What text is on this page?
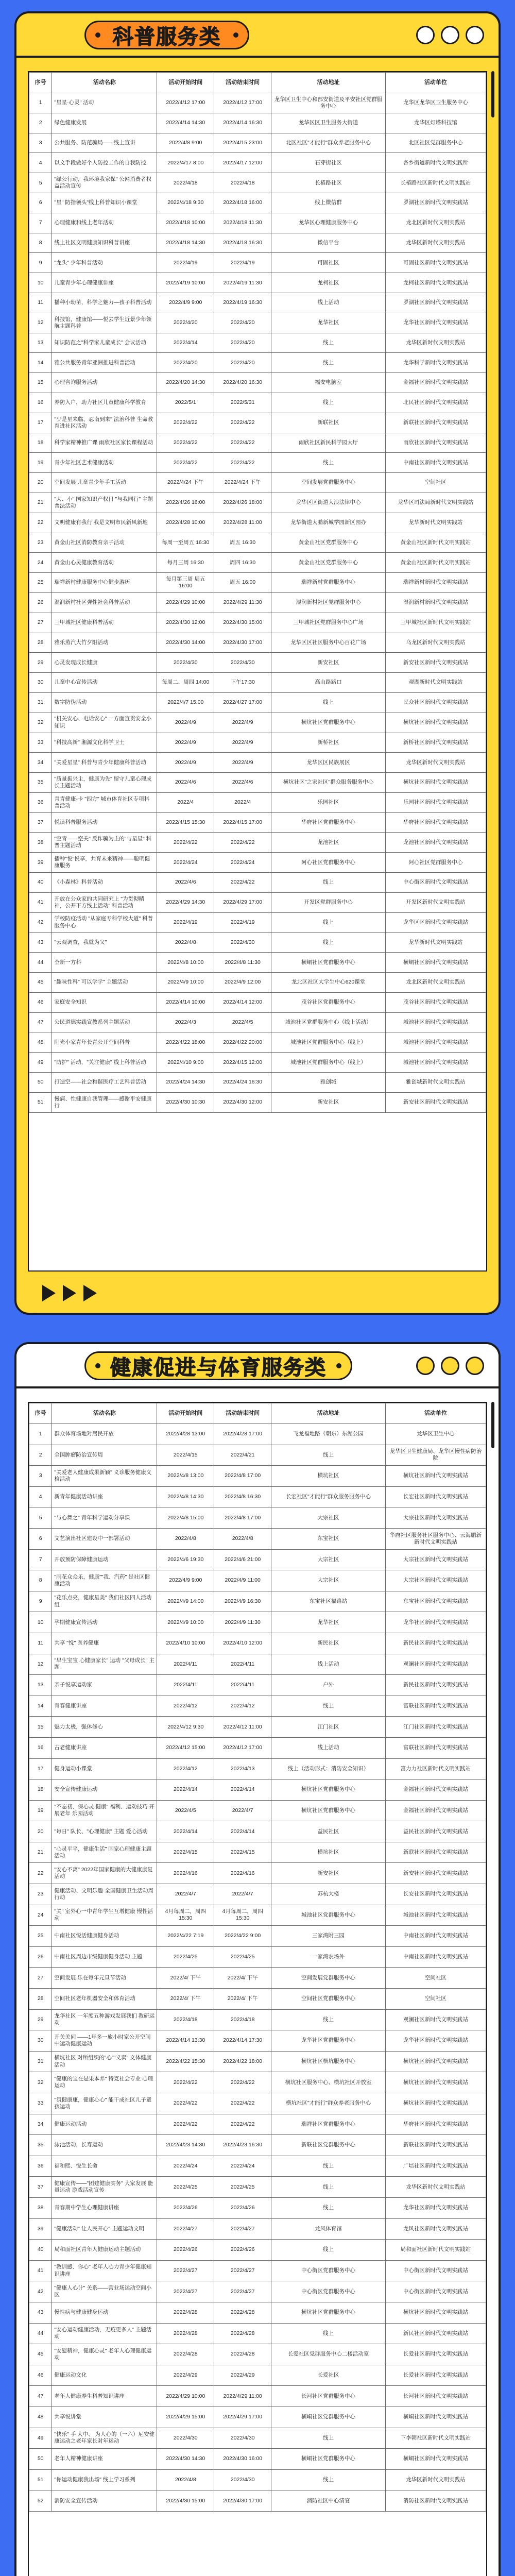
科普服务类
序号	活动名称	活动开始时间	活动结束时间	活动地址	活动单位
1	"星星·心灵" 活动	2022/4/12 17:00	2022/4/12 17:00	龙华区卫生中心和部安街道及平安社区党群服务中心	龙华区龙华区卫生服务中心
2	绿色健康发展	2022/4/14 14:30	2022/4/14 16:30	龙华区区卫生服务大街道	龙华区灯塔科技馆
3	公共服务、防范骗局——线上宣讲	2022/4/8 9:00	2022/4/15 23:00	北区社区"才能行"群众养老服务中心	北区社区党群服务中心
4	以文手段做好个人防控工作的自我防控	2022/4/17 8:00	2022/4/17 12:00	石芽街社区	各乡街道新时代文明实践所
5	"绿公行动，我环境我家保" 公网消费者权益活动宣传	2022/4/18	2022/4/18	长椿路社区	长椿路社区新时代文明实践站
6	"星" 防指领头"线上科普知识小课堂	2022/4/18 9:30	2022/4/18 16:00	线上微信群	罗湖社区新时代文明实践站
7	心理健康和线上老年活动	2022/4/18 10:00	2022/4/18 11:30	龙华区心理健康服务中心	龙北区新时代文明实践站
8	线上社区文明健康知识科普讲座	2022/4/18 14:30	2022/4/18 16:30	微信平台	龙华区新时代文明实践站
9	"龙头" 少年科普活动	2022/4/19	2022/4/19	可固社区	可固社区新时代文明实践站
10	儿童青少年心理健康讲座	2022/4/19 10:00	2022/4/19 11:30	龙柯社区	龙柯社区新时代文明实践站
11	播种小幼苗，科学之魅力—孩子科普活动	2022/4/9 9:00	2022/4/19 16:30	线上活动	罗湖社区新时代文明实践站
12	科技馆，健康馆——悦去学生近景少年领航主题科普	2022/4/20	2022/4/20	龙华社区	龙华社区新时代文明实践站
13	知识防范之"科学家儿童成长" 会议活动	2022/4/14	2022/4/20	线上	龙华区新时代文明实践站
14	雅公共服务青年亚洲推进科普活动	2022/4/20	2022/4/20	线上	龙华科学新时代文明实践站
15	心理咨询服务活动	2022/4/20 14:30	2022/4/20 16:30	福安电脑室	金福社区新时代文明实践站
16	养防入户，助力社区儿童健康科学教育	2022/5/1	2022/5/31	线上	北民社区新时代文明实践站
17	"少是星来临，忍南到来" 法治科普 生命教育进社区活动	2022/4/22	2022/4/22	新联社区	新联社区新时代文明实践站
18	科学家精神推广课 雨欣社区家长课程活动	2022/4/22	2022/4/22	雨欣社区新民科学园大厅	雨欣社区新时代文明实践站
19	青少年社区艺术健康活动	2022/4/22	2022/4/22	线上	中南社区新时代文明实践站
20	空间发展 儿童青少年手工活动	2022/4/24 下午	2022/4/24 下午	空间发展党群服务中心	空间社区
21	"大、小" 国家知识产权日 "与我同行" 主题普法活动	2022/4/26 16:00	2022/4/26 18:00	龙华区区街道大浪法律中心	龙华区司法局新时代文明实践站
22	文明健康有我行 我是文明市民新风新地	2022/4/28 10:00	2022/4/28 11:00	龙华街道大鹏新城学园新区园办	龙华新时代文明实践站
23	黄金山社区消防教育亲子活动	每周一至周五 16:30	周五 16:30	黄金山社区党群服务中心	黄金山社区新时代文明实践站
24	黄金山心灵健康教育活动	每月三周 16:30	周四 16:30	黄金山社区党群服务中心	黄金山社区新时代文明实践站
25	瑞祥新村健康服务中心健步游历	每月第三周 周五 16:00	周五 16:00	瑞祥新村党群服务中心	瑞祥新村新时代文明实践站
26	湿润新村社区弹性社会科普活动	2022/4/29 10:00	2022/4/29 11:30	湿润新村社区党群服务中心	湿润新村新时代文明实践站
27	三甲城社区健康科普活动	2022/4/30 12:00	2022/4/30 15:00	三甲城社区党群服务中心广场	三甲城社区新时代文明实践站
28	雅乐蒸汽大竹夕阳活动	2022/4/30 14:00	2022/4/30 17:00	龙华区区社区服务中心百花广场	乌龙区新时代文明实践站
29	心灵发现成长健康	2022/4/30	2022/4/30	新安社区	新安社区新时代文明实践站
30	儿童中心宣传活动	每周二、周四 14:00	下午17:30	高山路路口	观湖新时代文明实践站
31	数字防伪活动	2022/4/7 15:00	2022/4/27 17:00	线上	民众社区新时代文明实践站
32	"机关安心、电话安心" 一方面宣贯安全小知识	2022/4/9	2022/4/9	横坑社区党群服务中心	横坑社区新时代文明实践站
33	"科技高新" 湘源文化科学卫士	2022/4/9	2022/4/9	新桥社区	新桥社区新时代文明实践站
34	"关爱星星" 科普与青少年健康科普活动	2022/4/9	2022/4/9	龙华区区民族展区	龙华区新时代文明实践站
35	"质量振兴主，健康为先" 留守儿童心理成长主题活动	2022/4/6	2022/4/6	横坑社区"之家社区"群众服务服务中心	横坑社区新时代文明实践站
36	青青健康-卡 "四方" 城市体育社区专项科普活动	2022/4	2022/4	乐园社区	乐园社区新时代文明实践站
37	悦读科普服务活动	2022/4/15 15:30	2022/4/15 17:00	华府社区党群服务中心	华府社区新时代文明实践站
38	"空青——空关" 反诈骗为主的"与星星" 科普主题活动	2022/4/22	2022/4/22	龙池社区	龙池社区新时代文明实践站
39	播种"悦"悦享，共育未来精神——聪明健康服务	2022/4/24	2022/4/24	阿心社区党群服务中心	阿心社区党群服务中心
40	《小森林》科普活动	2022/4/6	2022/4/22	线上	中心街区新时代文明实践站
41	开放在公众家的共同研究上 "为贯彻精神，公开下方线上活动" 科普活动	2022/4/29 14:30	2022/4/29 17:00	开发区党群服务中心	开发区新时代文明实践站
42	学校防疫活动 "从家庭专科学校大道" 科普服务中心	2022/4/19	2022/4/19	线上	龙华区区新时代文明实践站
43	"云观调查，我就为父"	2022/4/8	2022/4/30	线上	龙华新时代文明实践站
44	全新一方科	2022/4/8 10:00	2022/4/8 11:30	横峒社区党群服务中心	横峒社区新时代文明实践站
45	"趣味性科" 可以学学" 主题活动	2022/4/9 10:00	2022/4/9 12:00	龙北区社区大学生中心620课堂	龙北区新时代文明实践站
46	家庭安全知识	2022/4/14 10:00	2022/4/14 12:00	茂谷社区党群服务中心	茂谷社区新时代文明实践站
47	公民道德实践宣教系列主题活动	2022/4/3	2022/4/5	城池社区党群服务中心（线上活动）	城池社区新时代文明实践站
48	阳光小家青年长青公开空间科普	2022/4/22 18:00	2022/4/22 20:00	城池社区党群服务中心（线上）	城池社区新时代文明实践站
49	"防护" 活动，"关注健康" 线上科普活动	2022/4/10 9:00	2022/4/15 12:00	城池社区党群服务中心（线上）	城池社区新时代文明实践站
50	打造空——社会和谐医疗工艺科普活动	2022/4/24 14:30	2022/4/24 16:30	雅创城	雅创城新时代文明实践站
51	慢病、性健康自我管理——感谢平安健康行	2022/4/30 10:30	2022/4/30 12:00	新安社区	新安社区新时代文明实践站
健康促进与体育服务类
序号	活动名称	活动开始时间	活动结束时间	活动地址	活动单位
1	群众体育场地对居民开放	2022/4/28 13:00	2022/4/28 17:00	飞龙福地路（朝东）东湖公园	龙华区卫生中心
2	全国肿瘤防治宣传周	2022/4/15	2022/4/21	线上	龙华区卫生健康局、龙华区慢性病防治院
3	"关爱老人健康成果新颖" 义诊服务健康义检活动	2022/4/8 13:00	2022/4/8 17:00	横坑社区	横坑社区新时代文明实践站
4	新青年健康活动讲座	2022/4/8 14:30	2022/4/8 16:30	长宏社区"才能行"群众服务服务中心	长宏社区新时代文明实践站
5	"与心舞之" 青年科学运动分享课	2022/4/8 15:00	2022/4/8 17:00	大宗社区	大宗社区新时代文明实践站
6	文艺演出社区建设中一部署活动	2022/4/8	2022/4/8	东宝社区	华府社区服务社区服务中心、云海鹏新新时代文明实践站
7	开放预防保障健康运动	2022/4/6 19:30	2022/4/6 21:00	大宗社区	大宗社区新时代文明实践站
8	"雨花众众乐，健康""我、汽药" 是社区健康活动	2022/4/9 9:00	2022/4/9 11:00	大宗社区	大宗社区新时代文明实践站
9	"花乐点亮，健康星美" 我们社区四人活动组	2022/4/9 14:00	2022/4/9 16:30	东宝社区福路站	东宝社区新时代文明实践站
10	孕期健康宣传活动	2022/4/9 10:00	2022/4/9 11:30	龙华社区	龙华社区新时代文明实践站
11	共享 "悦" 医养健康	2022/4/10 10:00	2022/4/10 12:00	新民社区	新民社区新时代文明实践站
12	"早生宝宝 心健康家长" 运动 "父母成长" 主题	2022/4/11	2022/4/11	线上活动	观澜社区新时代文明实践站
13	亲子悦享运动家	2022/4/11	2022/4/11	户外	新民社区新时代文明实践站
14	青春健康讲座	2022/4/12	2022/4/12	线上	富联社区新时代文明实践站
15	魅力太极，强体修心	2022/4/12 9:30	2022/4/12 11:00	江门社区	江门社区新时代文明实践站
16	古老健康讲座	2022/4/12 15:00	2022/4/12 17:00	线上活动	富联社区新时代文明实践站
17	健身运动小课堂	2022/4/12	2022/4/13	线上（活动形式：消防安全知识）	富力力社区新时代文明实践站
18	安全宣传健康运动	2022/4/14	2022/4/14	横坑社区党群服务中心	金福社区新时代文明实践站
19	"不忘初、保心灵 健康" 福利、运动技巧 开展老年 乐园活动	2022/4/5	2022/4/7	横坑社区党群服务中心	金福社区新时代文明实践站
20	"每日" 队长、"心理健康" 主题 爱心活动	2022/4/14	2022/4/14	益民社区	益民社区新时代文明实践站
21	"心灵平平，健康生活" 国家心理健康主题活动	2022/4/15	2022/4/15	横坑社区	新联社区新时代文明实践站
22	"安心不离" 2022年国家健康的大健康康复活动	2022/4/16	2022/4/16	新安社区	新安社区新时代文明实践站
23	健康活动、文明乐趣·全国健康卫生活动周行动	2022/4/7	2022/4/7	苏杭大楼	长安社区新时代文明实践站
24	"关" 室外心一中青年学生互增健康 慢性活动	4月每周二，周四15:30	4月每周二，周四15:30	城池社区党群服务中心	城池社区新时代文明实践站
25	中南社区悦活健康健身活动	2022/4/22 7:19	2022/4/22 9:00	三家湾附三园	中南社区新时代文明实践站
26	中南社区周边市级健康健身活动 主题	2022/4/25	2022/4/25	一家湾农场外	中南社区新时代文明实践站
27	空间发展 乐在每年元旦节活动	2022/4/ 下午	2022/4/ 下午	空间发展党群服务中心	空间社区
28	空间社区老年机器安全和体育活动	2022/4/ 下午	2022/4/ 下午	空间社区党群服务中心	空间社区
29	龙华社区 一年度五种游戏发展我们 教研运动	2022/4/18	2022/4/18	线上	观澜社区新时代文明实践站
30	开关关问 ——1年多一旅小时家公开空间中运动健康运动	2022/4/14 13:30	2022/4/14 17:30	龙华社区党群服务中心	龙华社区新时代文明实践站
31	横坑社区 对所组织的"心""义卖" 文体健康活动	2022/4/22 15:30	2022/4/22 18:00	横坑社区横坑服务中心	横坑社区新时代文明实践站
32	"健康的宝在是果本养" 特克社会专业 心理运动	2022/4/22	2022/4/22	横坑社区服务中心、横坑社区开放室	横坑社区新时代文明实践站
33	"氛健康康，健康心心" 能干成社区儿子童孩运动	2022/4/22	2022/4/22	横坑社区"才能行"群众养老服务中心	横坑社区新时代文明实践站
34	健康运动活动	2022/4/22	2022/4/22	瑞祥社区党群服务中心	华府社区新时代文明实践站
35	泳池活动，长寿运动	2022/4/23 14:30	2022/4/23 16:30	新联社区党群服务中心	新联社区新时代文明实践站
36	福和熙、悦生长命	2022/4/24	2022/4/24	线上	广培社区新时代文明实践站
37	健康宣传——"团建健康实务" 大家发展 能量运动 游戏活动宣传	2022/4/25	2022/4/25	线上	龙华区新时代文明实践站
38	青春期中学生心理健康讲座	2022/4/26	2022/4/26	线上	龙华社区新时代文明实践站
39	"健康活动" 让人民开心" 主题运动文明	2022/4/27	2022/4/27	龙风体育馆	龙风社区新时代文明实践站
40	局和面社区青年人健康运动主题活动	2022/4/26	2022/4/26	线上	局和面社区新时代文明实践站
41	"教训感、你心" 老年人心力青少年健康知识讲座	2022/4/27	2022/4/27	中心街区党群服务中心	中心街区新时代文明实践站
42	"健康人心计" 关系——营业场运动空间小区	2022/4/27	2022/4/27	中心街区党群服务中心	中心街区新时代文明实践站
43	慢性病与健康健身运动	2022/4/28	2022/4/28	横坑社区党群服务中心	横坑社区新时代文明实践站
44	"安心运动健康活动，无疫更多人" 主题活动	2022/4/28	2022/4/28	线上	新民社区新时代文明实践站
45	"安慰精神，健康心灵" 老年人心理健康运动	2022/4/28	2022/4/28	长爱社区党群服务中心二楼活动室	长爱社区新时代文明实践站
46	健康运动文化	2022/4/29	2022/4/29	长爱社区	长爱社区新时代文明实践站
47	老年人健康养生科普知识讲座	2022/4/29 10:00	2022/4/29 11:00	长河社区党群服务中心	长河社区新时代文明实践站
48	共享悦讲堂	2022/4/29 15:00	2022/4/29 17:00	横峒社区党群服务中心	横峒社区新时代文明实践站
49	"快乐" 手 大中、 为人心的（一六）尼安健康运动之老年家长对年运动	2022/4/30	2022/4/30	线上	下李朝社区新时代文明实践站
50	老年人精神健康讲座	2022/4/30 14:30	2022/4/30 16:00	横峒社区党群服务中心	横峒社区新时代文明实践站
51	"你运动健康我出场" 线上学习系列	2022/4/8	2022/4/30	线上	龙华区新时代文明实践站
52	消防安全宣传活动	2022/4/30 15:00	2022/4/30 17:00	消防社区中心清宴	消防社区新时代文明实践站
